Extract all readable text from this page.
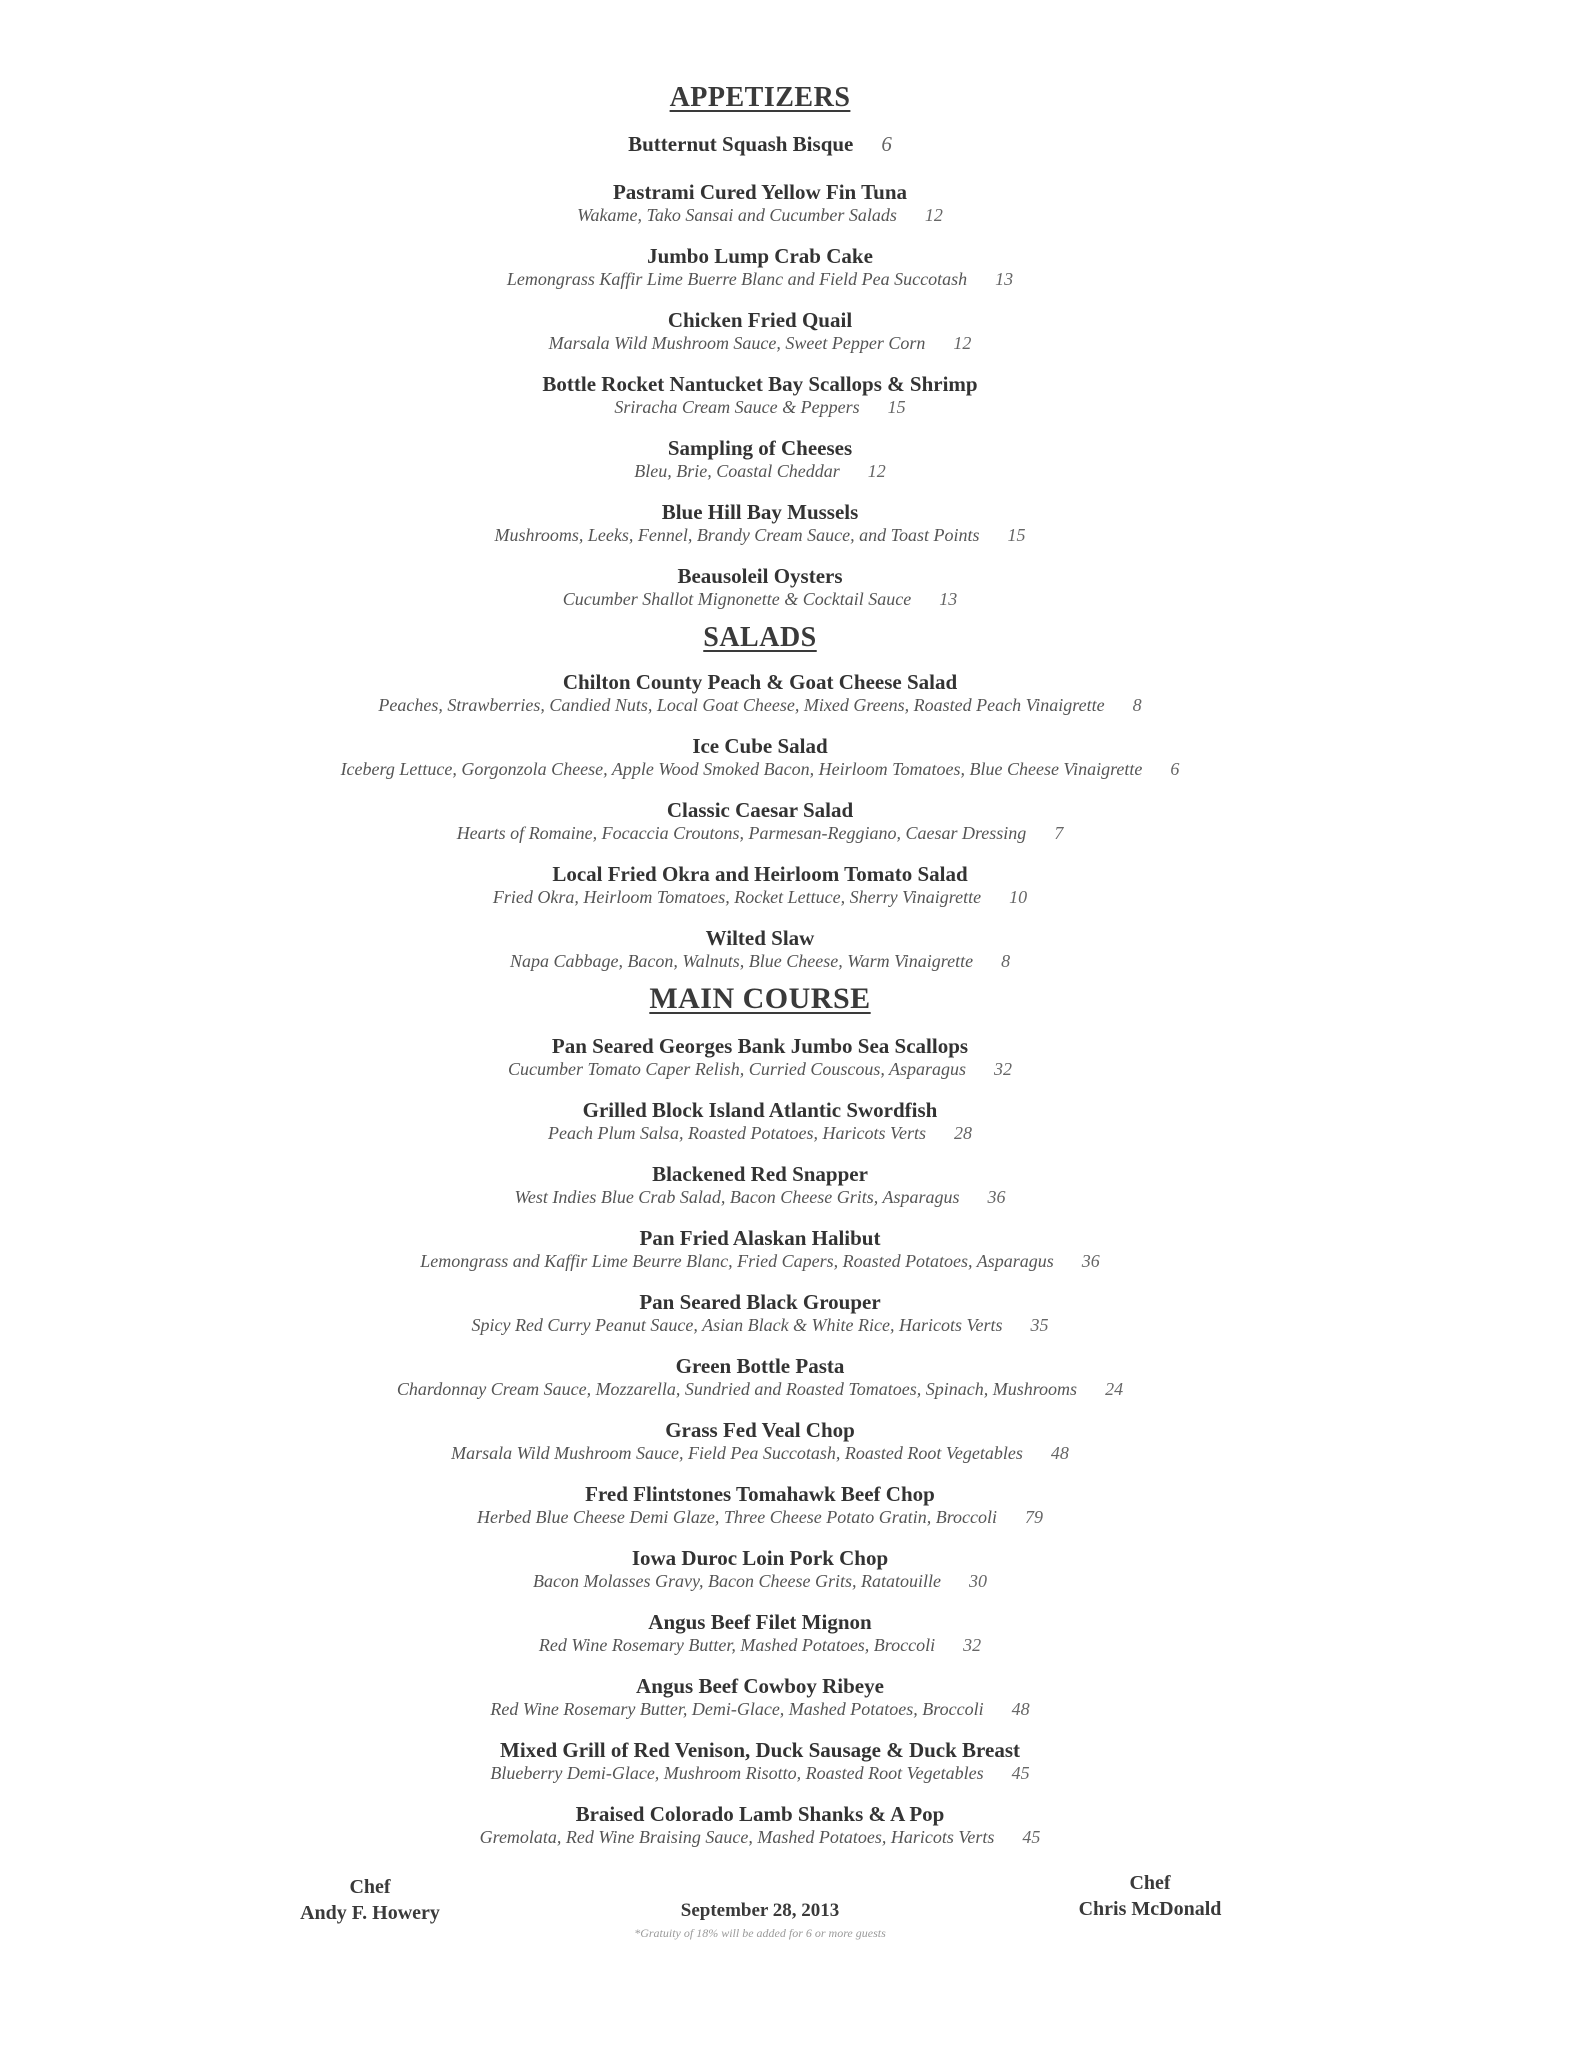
APPETIZERS
Butternut Squash Bisque 6
Pastrami Cured Yellow Fin Tuna
Wakame, Tako Sansai and Cucumber Salads 12
Jumbo Lump Crab Cake
Lemongrass Kaffir Lime Buerre Blanc and Field Pea Succotash 13
Chicken Fried Quail
Marsala Wild Mushroom Sauce, Sweet Pepper Corn 12
Bottle Rocket Nantucket Bay Scallops & Shrimp
Sriracha Cream Sauce & Peppers 15
Sampling of Cheeses
Bleu, Brie, Coastal Cheddar 12
Blue Hill Bay Mussels
Mushrooms, Leeks, Fennel, Brandy Cream Sauce, and Toast Points 15
Beausoleil Oysters
Cucumber Shallot Mignonette & Cocktail Sauce 13
SALADS
Chilton County Peach & Goat Cheese Salad
Peaches, Strawberries, Candied Nuts, Local Goat Cheese, Mixed Greens, Roasted Peach Vinaigrette 8
Ice Cube Salad
Iceberg Lettuce, Gorgonzola Cheese, Apple Wood Smoked Bacon, Heirloom Tomatoes, Blue Cheese Vinaigrette 6
Classic Caesar Salad
Hearts of Romaine, Focaccia Croutons, Parmesan-Reggiano, Caesar Dressing 7
Local Fried Okra and Heirloom Tomato Salad
Fried Okra, Heirloom Tomatoes, Rocket Lettuce, Sherry Vinaigrette 10
Wilted Slaw
Napa Cabbage, Bacon, Walnuts, Blue Cheese, Warm Vinaigrette 8
MAIN COURSE
Pan Seared Georges Bank Jumbo Sea Scallops
Cucumber Tomato Caper Relish, Curried Couscous, Asparagus 32
Grilled Block Island Atlantic Swordfish
Peach Plum Salsa, Roasted Potatoes, Haricots Verts 28
Blackened Red Snapper
West Indies Blue Crab Salad, Bacon Cheese Grits, Asparagus 36
Pan Fried Alaskan Halibut
Lemongrass and Kaffir Lime Beurre Blanc, Fried Capers, Roasted Potatoes, Asparagus 36
Pan Seared Black Grouper
Spicy Red Curry Peanut Sauce, Asian Black & White Rice, Haricots Verts 35
Green Bottle Pasta
Chardonnay Cream Sauce, Mozzarella, Sundried and Roasted Tomatoes, Spinach, Mushrooms 24
Grass Fed Veal Chop
Marsala Wild Mushroom Sauce, Field Pea Succotash, Roasted Root Vegetables 48
Fred Flintstones Tomahawk Beef Chop
Herbed Blue Cheese Demi Glaze, Three Cheese Potato Gratin, Broccoli 79
Iowa Duroc Loin Pork Chop
Bacon Molasses Gravy, Bacon Cheese Grits, Ratatouille 30
Angus Beef Filet Mignon
Red Wine Rosemary Butter, Mashed Potatoes, Broccoli 32
Angus Beef Cowboy Ribeye
Red Wine Rosemary Butter, Demi-Glace, Mashed Potatoes, Broccoli 48
Mixed Grill of Red Venison, Duck Sausage & Duck Breast
Blueberry Demi-Glace, Mushroom Risotto, Roasted Root Vegetables 45
Braised Colorado Lamb Shanks & A Pop
Gremolata, Red Wine Braising Sauce, Mashed Potatoes, Haricots Verts 45
Chef
Andy F. Howery
Chef
Chris McDonald
September 28, 2013
*Gratuity of 18% will be added for 6 or more guests
